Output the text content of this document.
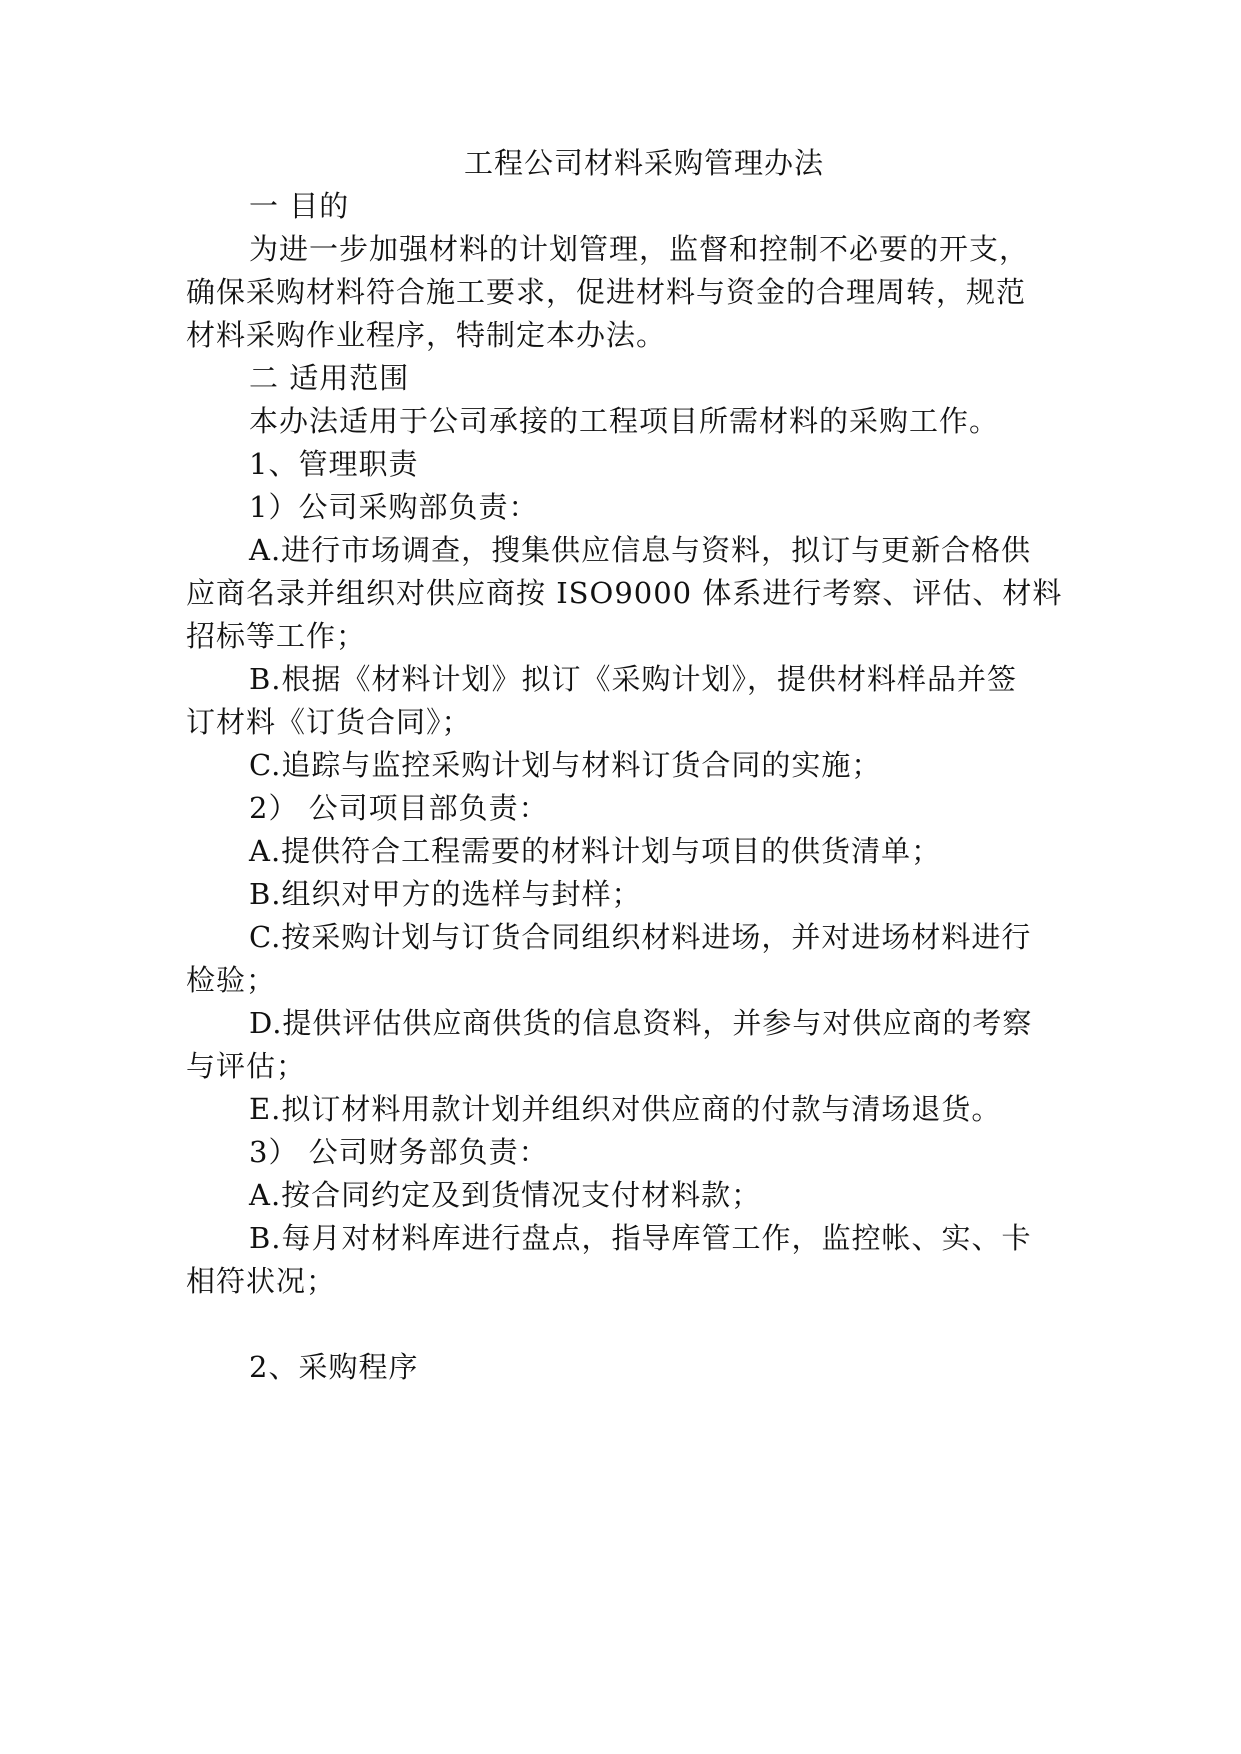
工程公司材料采购管理办法
一 目的
为进一步加强材料的计划管理，监督和控制不必要的开支，
确保采购材料符合施工要求，促进材料与资金的合理周转，规范
材料采购作业程序，特制定本办法。
二 适用范围
本办法适用于公司承接的工程项目所需材料的采购工作。
1、管理职责
1）公司采购部负责：
A.进行市场调查，搜集供应信息与资料，拟订与更新合格供
应商名录并组织对供应商按 ISO9000 体系进行考察、评估、材料
招标等工作；
B.根据《材料计划》拟订《采购计划》，提供材料样品并签
订材料《订货合同》；
C.追踪与监控采购计划与材料订货合同的实施；
2） 公司项目部负责：
A.提供符合工程需要的材料计划与项目的供货清单；
B.组织对甲方的选样与封样；
C.按采购计划与订货合同组织材料进场，并对进场材料进行
检验；
D.提供评估供应商供货的信息资料，并参与对供应商的考察
与评估；
E.拟订材料用款计划并组织对供应商的付款与清场退货。
3） 公司财务部负责：
A.按合同约定及到货情况支付材料款；
B.每月对材料库进行盘点，指导库管工作，监控帐、实、卡
相符状况；
2、采购程序
